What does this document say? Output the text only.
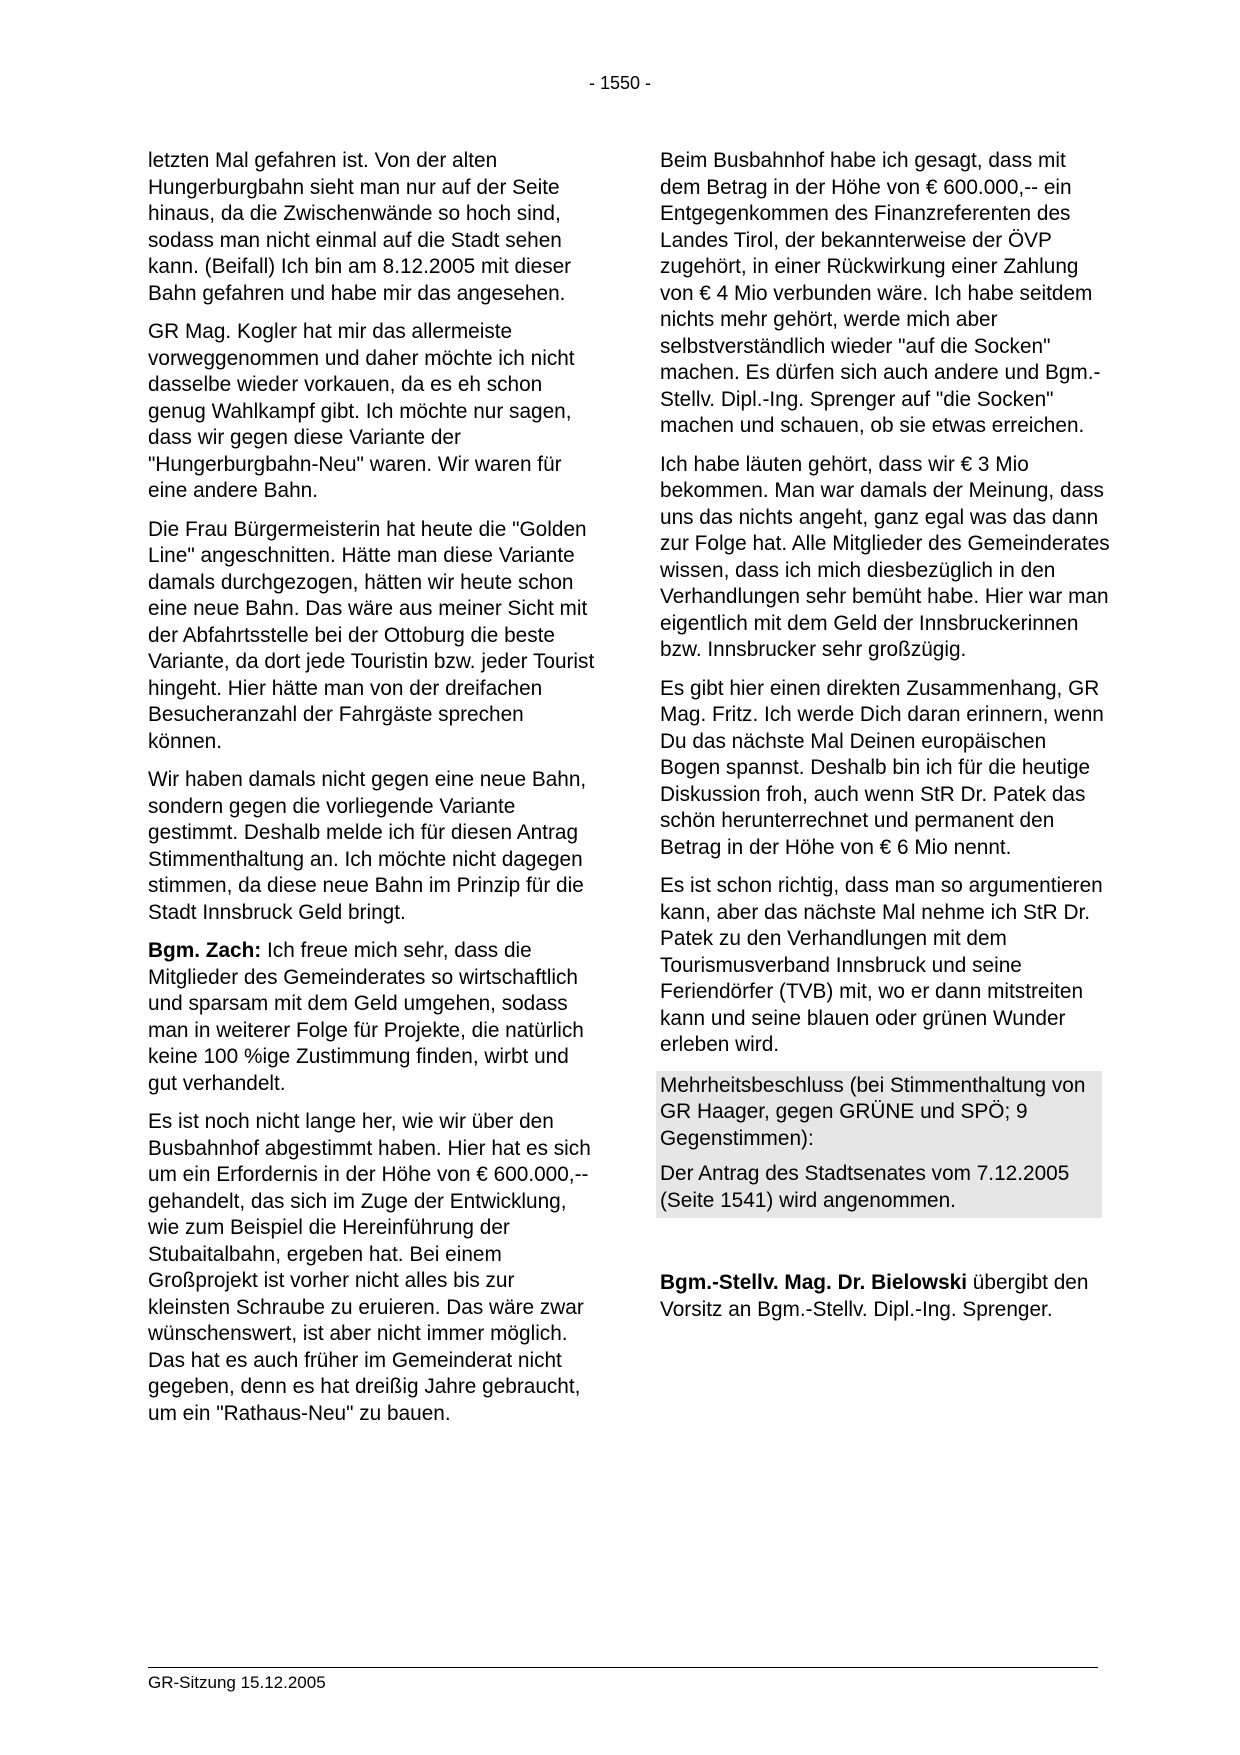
- 1550 -

letzten Mal gefahren ist. Von der alten Hungerburgbahn sieht man nur auf der Seite hinaus, da die Zwischenwände so hoch sind, sodass man nicht einmal auf die Stadt sehen kann. (Beifall) Ich bin am 8.12.2005 mit dieser Bahn gefahren und habe mir das angesehen.

GR Mag. Kogler hat mir das allermeiste vorweggenommen und daher möchte ich nicht dasselbe wieder vorkauen, da es eh schon genug Wahlkampf gibt. Ich möchte nur sagen, dass wir gegen diese Variante der "Hungerburgbahn-Neu" waren. Wir waren für eine andere Bahn.

Die Frau Bürgermeisterin hat heute die "Golden Line" angeschnitten. Hätte man diese Variante damals durchgezogen, hätten wir heute schon eine neue Bahn. Das wäre aus meiner Sicht mit der Abfahrtsstelle bei der Ottoburg die beste Variante, da dort jede Touristin bzw. jeder Tourist hingeht. Hier hätte man von der dreifachen Besucheranzahl der Fahrgäste sprechen können.

Wir haben damals nicht gegen eine neue Bahn, sondern gegen die vorliegende Variante gestimmt. Deshalb melde ich für diesen Antrag Stimmenthaltung an. Ich möchte nicht dagegen stimmen, da diese neue Bahn im Prinzip für die Stadt Innsbruck Geld bringt.

Bgm. Zach: Ich freue mich sehr, dass die Mitglieder des Gemeinderates so wirtschaftlich und sparsam mit dem Geld umgehen, sodass man in weiterer Folge für Projekte, die natürlich keine 100 %ige Zustimmung finden, wirbt und gut verhandelt.

Es ist noch nicht lange her, wie wir über den Busbahnhof abgestimmt haben. Hier hat es sich um ein Erfordernis in der Höhe von € 600.000,-- gehandelt, das sich im Zuge der Entwicklung, wie zum Beispiel die Hereinführung der Stubaitalbahn, ergeben hat. Bei einem Großprojekt ist vorher nicht alles bis zur kleinsten Schraube zu eruieren. Das wäre zwar wünschenswert, ist aber nicht immer möglich. Das hat es auch früher im Gemeinderat nicht gegeben, denn es hat dreißig Jahre gebraucht, um ein "Rathaus-Neu" zu bauen.

Beim Busbahnhof habe ich gesagt, dass mit dem Betrag in der Höhe von € 600.000,-- ein Entgegenkommen des Finanzreferenten des Landes Tirol, der bekannterweise der ÖVP zugehört, in einer Rückwirkung einer Zahlung von € 4 Mio verbunden wäre. Ich habe seitdem nichts mehr gehört, werde mich aber selbstverständlich wieder "auf die Socken" machen. Es dürfen sich auch andere und Bgm.-Stellv. Dipl.-Ing. Sprenger auf "die Socken" machen und schauen, ob sie etwas erreichen.

Ich habe läuten gehört, dass wir € 3 Mio bekommen. Man war damals der Meinung, dass uns das nichts angeht, ganz egal was das dann zur Folge hat. Alle Mitglieder des Gemeinderates wissen, dass ich mich diesbezüglich in den Verhandlungen sehr bemüht habe. Hier war man eigentlich mit dem Geld der Innsbruckerinnen bzw. Innsbrucker sehr großzügig.

Es gibt hier einen direkten Zusammenhang, GR Mag. Fritz. Ich werde Dich daran erinnern, wenn Du das nächste Mal Deinen europäischen Bogen spannst. Deshalb bin ich für die heutige Diskussion froh, auch wenn StR Dr. Patek das schön herunterrechnet und permanent den Betrag in der Höhe von € 6 Mio nennt.

Es ist schon richtig, dass man so argumentieren kann, aber das nächste Mal nehme ich StR Dr. Patek zu den Verhandlungen mit dem Tourismusverband Innsbruck und seine Feriendörfer (TVB) mit, wo er dann mitstreiten kann und seine blauen oder grünen Wunder erleben wird.

Mehrheitsbeschluss (bei Stimmenthaltung von GR Haager, gegen GRÜNE und SPÖ; 9 Gegenstimmen):

Der Antrag des Stadtsenates vom 7.12.2005 (Seite 1541) wird angenommen.

Bgm.-Stellv. Mag. Dr. Bielowski übergibt den Vorsitz an Bgm.-Stellv. Dipl.-Ing. Sprenger.

GR-Sitzung 15.12.2005
